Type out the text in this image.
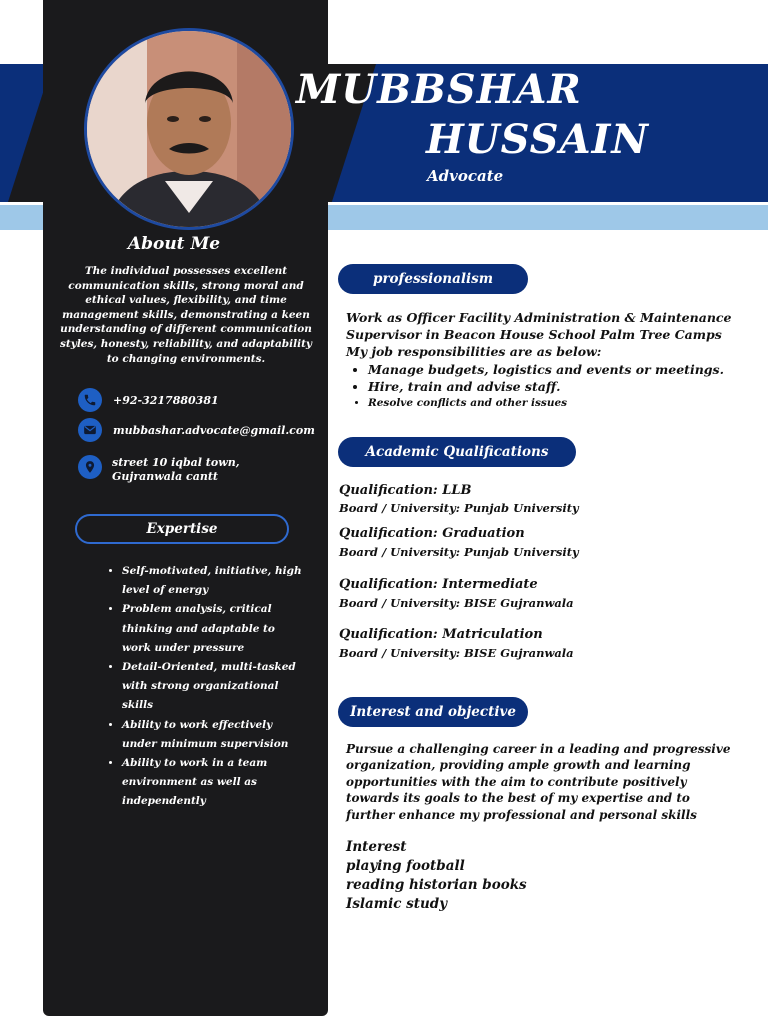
MUBBSHAR
HUSSAIN
Advocate
About Me
The individual possesses excellent communication skills, strong moral and ethical values, flexibility, and time management skills, demonstrating a keen understanding of different communication styles, honesty, reliability, and adaptability to changing environments.
+92-3217880381
mubbashar.advocate@gmail.com
street 10 iqbal town,
Gujranwala cantt
Expertise
• Self-motivated, initiative, high level of energy
• Problem analysis, critical thinking and adaptable to work under pressure
• Detail-Oriented, multi-tasked with strong organizational skills
• Ability to work effectively under minimum supervision
• Ability to work in a team environment as well as independently
professionalism
Work as Officer Facility Administration & Maintenance Supervisor in Beacon House School Palm Tree Camps My job responsibilities are as below:
• Manage budgets, logistics and events or meetings.
• Hire, train and advise staff.
• Resolve conflicts and other issues
Academic Qualifications
Qualification: LLB
Board / University: Punjab University
Qualification: Graduation
Board / University: Punjab University
Qualification: Intermediate
Board / University: BISE Gujranwala
Qualification: Matriculation
Board / University: BISE Gujranwala
Interest and objective
Pursue a challenging career in a leading and progressive organization, providing ample growth and learning opportunities with the aim to contribute positively towards its goals to the best of my expertise and to further enhance my professional and personal skills
Interest
playing football
reading historian books
Islamic study
